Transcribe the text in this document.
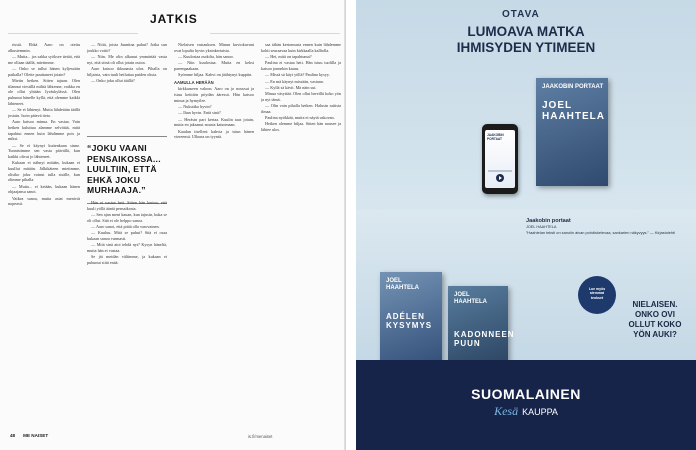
JATKIS

rissiä. Ehkä Aaro on otettu alkusiemmin.

— Mutta... jos sakka syöksee tietää, että me ollaan täällä, mietimme.

— Onko se tullut hänen kyljessään paikalla? Olette puuttaneet jotain?

Mietin hetken. Sitten tajuan. Olen tilannut viestillä miltiä lähtenne, vaikka en ole ollut yhtään Jyväskylässä. Olen puhunut hänelle kyllä, että olemme kaikki lähteneet.

— Se ei lähtenyt. Mutta lähdetään täällä jostain. Isoin pätevä tieto.

Aaro katsoo minua. En vastaa. Vain hetken kuluttua alamme selvittää, mitä tapahtui ennen kuin lähdimme pois ja miksi.

— Se ei käynyt kuitenkaan sinne. Tunnistimme sen vasta päivällä, kun kaikki olivat jo lähteneet.

Kukaan ei nähnyt mitään, kukaan ei kuullut mitään. Jälkikäteen mietimme, olisiko joku voinut tulla sisälle, kun olimme pihalla.

— Mutta... ei ketään, kukaan hänen ohjaajansa sanoi.

Vaikea sanoa, mutta asiat menivät nopeasti.

— Niitä, joista Juuniina puhui? Jotka sun joukko voitti?

— Niin. Me olin alkanut ymmärtää vasta nyt, että siinä oli ollut jotain outoa.

Aaro katsoo ikkunasta ulos. Pihalla on hiljaista, vain tuuli heiluttaa puiden oksia.

— Onko joku ollut täällä?

“JOKU VAANI
PENSAIKOSSA...
LUULTIIN, ETTÄ
EHKÄ JOKU
MURHAAJA.”

Hän ei vastaa heti. Sitten hän kertoo, että kuuli yöllä ääniä pensaikosta.

— Sen ajan meni kauan, kun tajusin, kuka se oli ollut. Sitä ei ole helppo sanoa.

— Aaro sanoi, että pitää olla varovainen.

— Kuuluu. Mitä se puhui? Sitä ei osaa kukaan sanoa varmasti.

— Mitä sinä aiot tehdä nyt? Kysyn häneltä, mutta hän ei vastaa.

Se jäi meidän väliimme, ja kukaan ei puhunut siitä enää.

Nielaisen vastauksen. Minun kuviokuvani ovat lopulta hyvin yksinkertaisia.

— Kuulostaa oudolta, hän sanoo.

— Niin kuulostaa. Mutta en keksi parempaakaan.

Syömme hiljaa. Kahvi on jäähtynyt kuppiin.

AAMULLA HERÄÄN

kirkkaaseen valoon. Aaro on jo noussut ja istuu keittiön pöydän ääressä. Hän katsoo minua ja hymyilee.

— Nukuitko hyvin?

— Ihan hyvin. Entä sinä?

— Heräsin pari kertaa. Kuulin taas jotain, mutta en jaksanut nousta katsomaan.

Kaadan itselleni kahvia ja istun hänen viereensä. Ulkona on tyyntä.

saa tähän kertomusta ennen kuin lähdemme kohti seuraavaa kuin kirkkaalla kalliolla.

— Hei, mitä on tapahtunut?

Paulina ei vastaa heti. Hän istuu tuolilla ja katsoo jonnekin kauas.

— Missä sä käyt yöllä? Paulina kysyy.

— En mä käynyt missään, vastaan.

— Kyllä sä kävit. Mä näin sut.

Minua väsyttää. Olen ollut hereillä koko yön ja nyt tämä.

— Olin vain pihalla hetken. Halusin raitista ilmaa.

Paulina nyökkää, mutta ei näytä uskovan.

Hetken olemme hiljaa. Sitten hän nousee ja lähtee ulos.

48 ME NAISET	is.fi/menaiset
OTAVA
LUMOAVA MATKA
IHMISYDEN YTIMEEN
JAAKOBIN PORTAAT
JAAKOBIN PORTAAT
JOEL
HAAHTELA
Jaakobin portaat
JOEL HAAHTELA
”Haahtelan teksti on sanoiin aivan pohdiskelevaa, sankarien näkyvyys.” — Kirjastolehti
JOEL
HAAHTELA
ADÉLEN KYSYMYS
JOEL
HAAHTELA
KADONNEEN PUUN
Lue myös
aiemmat
teokset
NIELAISEN.
ONKO OVI
OLLUT KOKO
YÖN AUKI?
SUOMALAINEN
Kesä KAUPPA
